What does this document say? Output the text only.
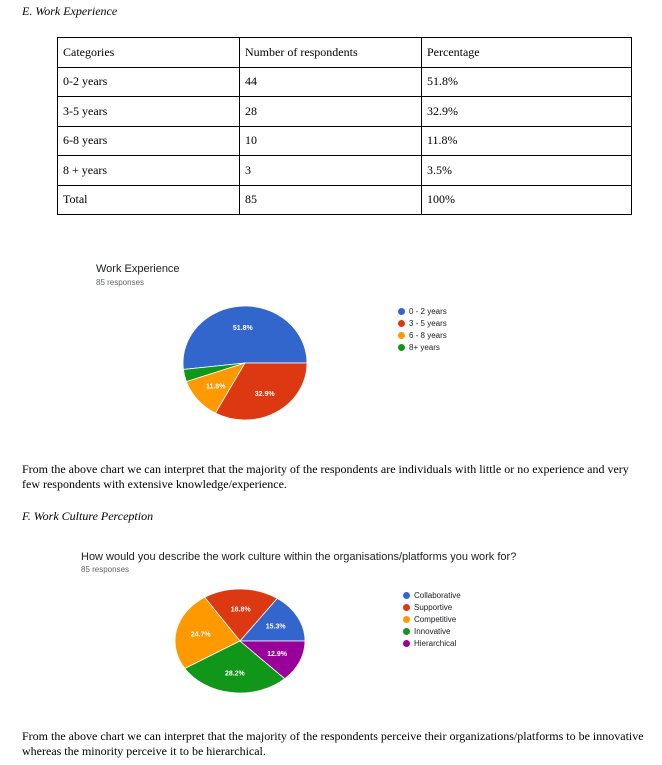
E. Work Experience
Categories	Number of respondents	Percentage
0-2 years	44	51.8%
3-5 years	28	32.9%
6-8 years	10	11.8%
8 + years	3	3.5%
Total	85	100%
Work Experience
85 responses
51.8%
11.8%
32.9%
0 - 2 years
3 - 5 years
6 - 8 years
8+ years
From the above chart we can interpret that the majority of the respondents are individuals with little or no experience and very few respondents with extensive knowledge/experience.
F. Work Culture Perception
How would you describe the work culture within the organisations/platforms you work for?
85 responses
15.3%
18.8%
24.7%
28.2%
12.9%
Collaborative
Supportive
Competitive
Innovative
Hierarchical
From the above chart we can interpret that the majority of the respondents perceive their organizations/platforms to be innovative whereas the minority perceive it to be hierarchical.
